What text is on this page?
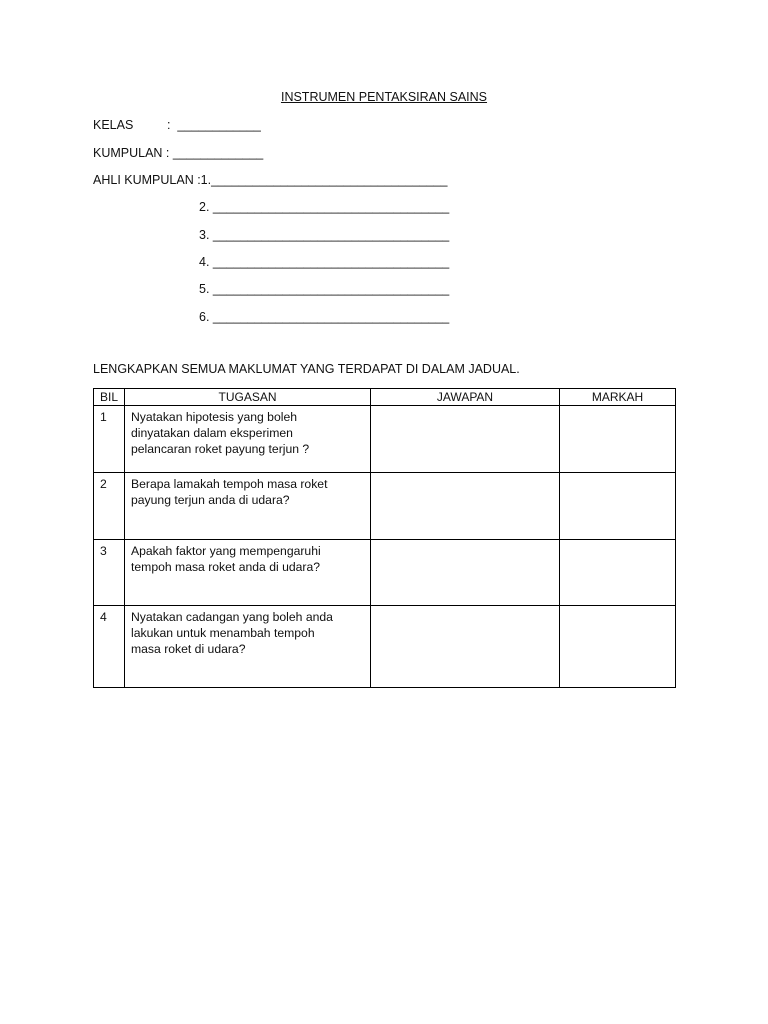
INSTRUMEN PENTAKSIRAN SAINS
KELAS	:  ____________
KUMPULAN : _____________
AHLI KUMPULAN :1.__________________________________
2. __________________________________
3. __________________________________
4. __________________________________
5. __________________________________
6. __________________________________
LENGKAPKAN SEMUA MAKLUMAT YANG TERDAPAT DI DALAM JADUAL.
BIL	TUGASAN	JAWAPAN	MARKAH
1	Nyatakan hipotesis yang boleh
dinyatakan dalam eksperimen
pelancaran roket payung terjun ?		

2	Berapa lamakah tempoh masa roket
payung terjun anda di udara?		

3	Apakah faktor yang mempengaruhi
tempoh masa roket anda di udara?		

4	Nyatakan cadangan yang boleh anda
lakukan untuk menambah tempoh
masa roket di udara?		
